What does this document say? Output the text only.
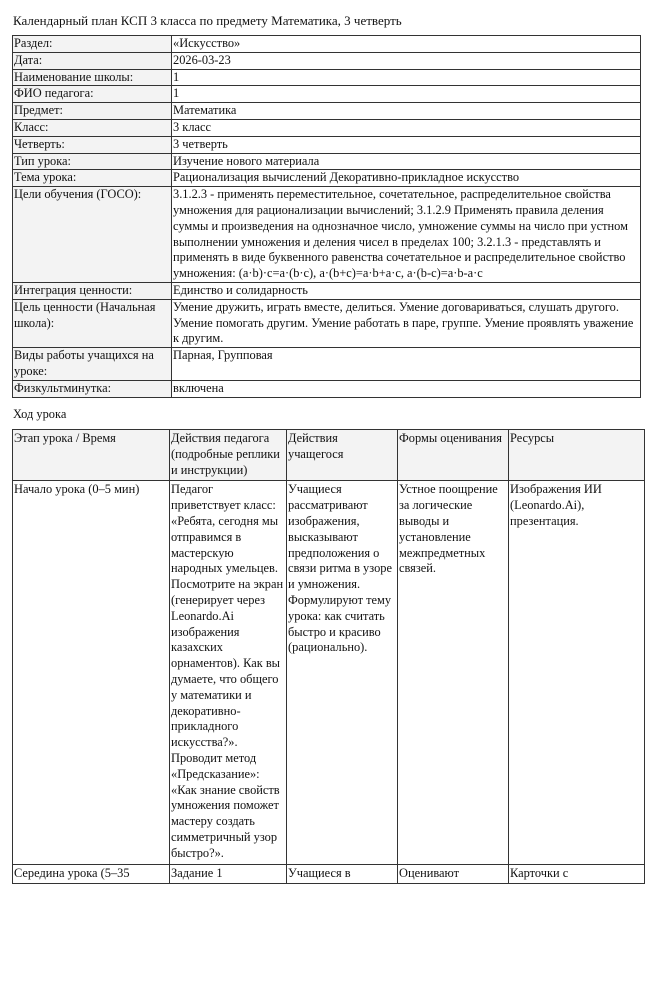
Календарный план КСП 3 класса по предмету Математика, 3 четверть
Раздел:	«Искусство»
Дата:	2026-03-23
Наименование школы:	1
ФИО педагога:	1
Предмет:	Математика
Класс:	3 класс
Четверть:	3 четверть
Тип урока:	Изучение нового материала
Тема урока:	Рационализация вычислений Декоративно-прикладное искусство
Цели обучения (ГОСО):	3.1.2.3 - применять переместительное, сочетательное, распределительное свойства умножения для рационализации вычислений; 3.1.2.9 Применять правила деления суммы и произведения на однозначное число, умножение суммы на число при устном выполнении умножения и деления чисел в пределах 100; 3.2.1.3 - представлять и применять в виде буквенного равенства сочетательное и распределительное свойство умножения: (a·b)·c=a·(b·c), a·(b+c)=a·b+a·c, a·(b-c)=a·b-a·c
Интеграция ценности:	Единство и солидарность
Цель ценности (Начальная школа):	Умение дружить, играть вместе, делиться. Умение договариваться, слушать другого. Умение помогать другим. Умение работать в паре, группе. Умение проявлять уважение к другим.
Виды работы учащихся на уроке:	Парная, Групповая
Физкультминутка:	включена
Ход урока
Этап урока / Время	Действия педагога (подробные реплики и инструкции)	Действия учащегося	Формы оценивания	Ресурсы
Начало урока (0–5 мин)	Педагог приветствует класс: «Ребята, сегодня мы отправимся в мастерскую народных умельцев. Посмотрите на экран (генерирует через Leonardo.Ai изображения казахских орнаментов). Как вы думаете, что общего у математики и декоративно-прикладного искусства?». Проводит метод «Предсказание»: «Как знание свойств умножения поможет мастеру создать симметричный узор быстро?».	Учащиеся рассматривают изображения, высказывают предположения о связи ритма в узоре и умножения. Формулируют тему урока: как считать быстро и красиво (рационально).	Устное поощрение за логические выводы и установление межпредметных связей.	Изображения ИИ (Leonardo.Ai), презентация.
Середина урока (5–35	Задание 1	Учащиеся в	Оценивают	Карточки с
